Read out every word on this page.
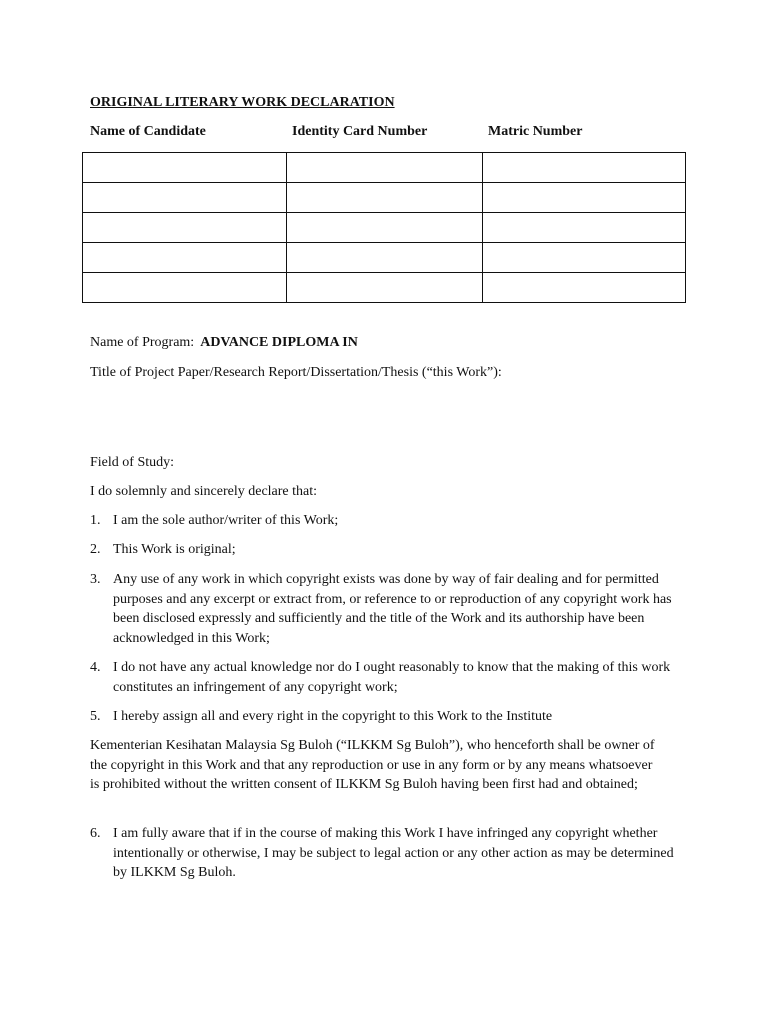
ORIGINAL LITERARY WORK DECLARATION
Name of Candidate	Identity Card Number	Matric Number

Name of Program: ADVANCE DIPLOMA IN
Title of Project Paper/Research Report/Dissertation/Thesis (“this Work”):
Field of Study:
I do solemnly and sincerely declare that:
1. I am the sole author/writer of this Work;
2. This Work is original;
3. Any use of any work in which copyright exists was done by way of fair dealing and for permitted purposes and any excerpt or extract from, or reference to or reproduction of any copyright work has been disclosed expressly and sufficiently and the title of the Work and its authorship have been acknowledged in this Work;
4. I do not have any actual knowledge nor do I ought reasonably to know that the making of this work constitutes an infringement of any copyright work;
5. I hereby assign all and every right in the copyright to this Work to the Institute
Kementerian Kesihatan Malaysia Sg Buloh (“ILKKM Sg Buloh”), who henceforth shall be owner of the copyright in this Work and that any reproduction or use in any form or by any means whatsoever is prohibited without the written consent of ILKKM Sg Buloh having been first had and obtained;
6. I am fully aware that if in the course of making this Work I have infringed any copyright whether intentionally or otherwise, I may be subject to legal action or any other action as may be determined by ILKKM Sg Buloh.
